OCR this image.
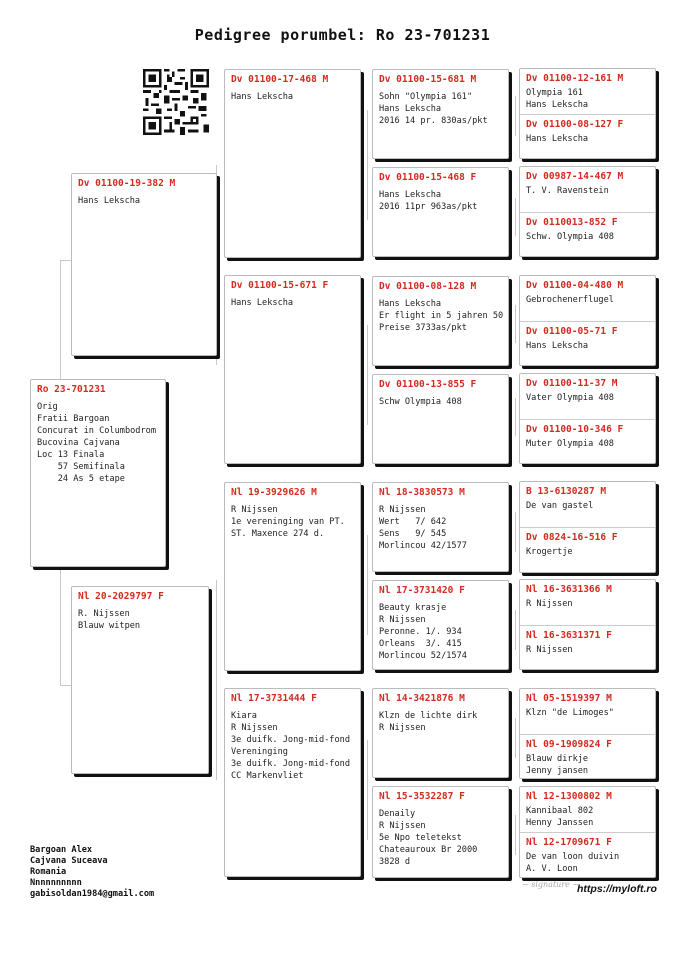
Pedigree porumbel: Ro 23-701231
Ro 23-701231
Orig
Fratii Bargoan
Concurat in Columbodrom
Bucovina Cajvana
Loc 13 Finala
57 Semifinala
24 As 5 etape
Dv 01100-19-382 M
Hans Lekscha
Nl 20-2029797 F
R. Nijssen
Blauw witpen
Dv 01100-17-468 M
Hans Lekscha
Dv 01100-15-671 F
Hans Lekscha
Nl 19-3929626 M
R Nijssen
1e vereninging van PT.
ST. Maxence 274 d.
Nl 17-3731444 F
Kiara
R Nijssen
3e duifk. Jong-mid-fond
Vereninging
3e duifk. Jong-mid-fond
CC Markenvliet
Dv 01100-15-681 M
Sohn "Olympia 161"
Hans Lekscha
2016 14 pr. 830as/pkt
Dv 01100-15-468 F
Hans Lekscha
2016 11pr 963as/pkt
Dv 01100-08-128 M
Hans Lekscha
Er flight in 5 jahren 50
Preise 3733as/pkt
Dv 01100-13-855 F
Schw Olympia 408
Nl 18-3830573 M
R Nijssen
Wert   7/ 642
Sens   9/ 545
Morlincou 42/1577
Nl 17-3731420 F
Beauty krasje
R Nijssen
Peronne. 1/. 934
Orleans  3/. 415
Morlincou 52/1574
Nl 14-3421876 M
Klzn de lichte dirk
R Nijssen
Nl 15-3532287 F
Denaily
R Nijssen
5e Npo teletekst
Chateauroux Br 2000
3828 d
Dv 01100-12-161 M
Olympia 161
Hans Lekscha
Dv 01100-08-127 F
Hans Lekscha
Dv 00987-14-467 M
T. V. Ravenstein
Dv 0110013-852 F
Schw. Olympia 408
Dv 01100-04-480 M
Gebrochenerflugel
Dv 01100-05-71 F
Hans Lekscha
Dv 01100-11-37 M
Vater Olympia 408
Dv 01100-10-346 F
Muter Olympia 408
B 13-6130287 M
De van gastel
Dv 0824-16-516 F
Krogertje
Nl 16-3631366 M
R Nijssen
Nl 16-3631371 F
R Nijssen
Nl 05-1519397 M
Klzn "de Limoges"
Nl 09-1909824 F
Blauw dirkje
Jenny jansen
Nl 12-1300802 M
Kannibaal 802
Henny Janssen
Nl 12-1709671 F
De van loon duivin
A. V. Loon
Bargoan Alex
Cajvana Suceava
Romania
Nnnnnnnnnn
gabisoldan1984@gmail.com
~ signature ~
https://myloft.ro
